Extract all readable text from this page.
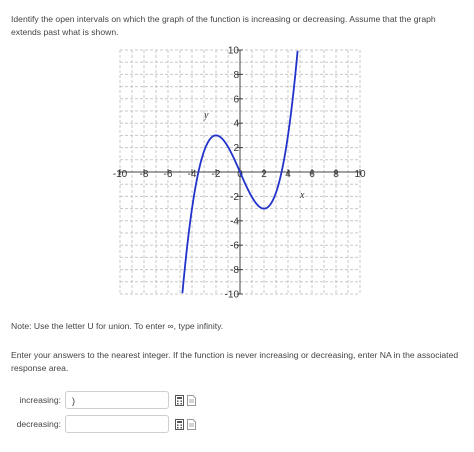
Identify the open intervals on which the graph of the function is increasing or decreasing. Assume that the graph extends past what is shown.
-10 -8 -6 -4 -2 0 2 4 6 8 10
10
8
6
4
2
-2
-4
-6
-8
-10
x
y
Note: Use the letter U for union. To enter ∞, type infinity.
Enter your answers to the nearest integer. If the function is never increasing or decreasing, enter NA in the associated response area.
increasing:	)
decreasing:
